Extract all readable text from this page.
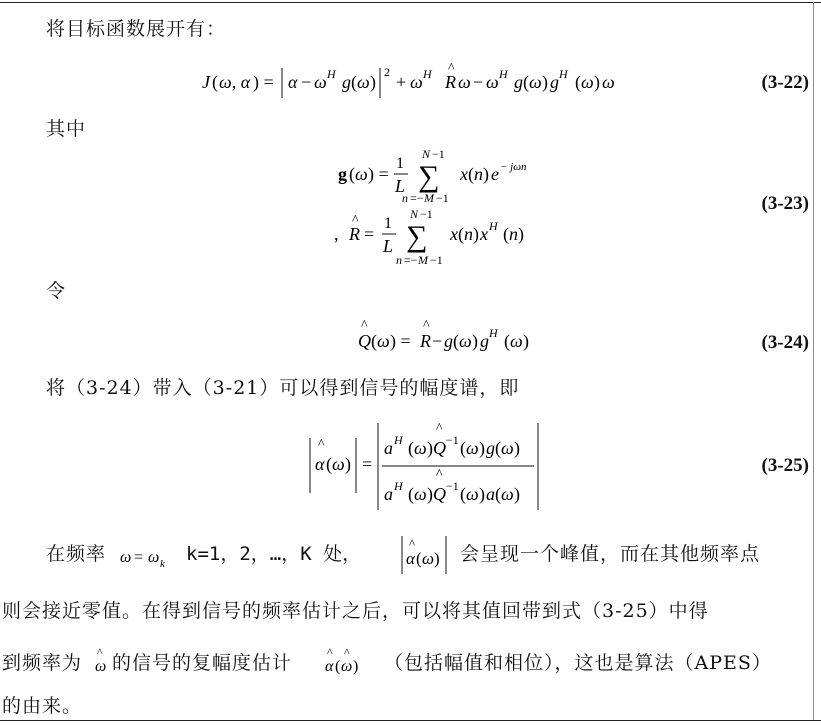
将目标函数展开有：
J ( ω, α ) = α − ω H g ( ω ) 2 + ω H ^
R ω − ω H g ( ω ) g H ( ω ) ω	(3-22)
其中
g ( ω ) =
1
L
N −1
∑
n =− M −1
x ( n ) e − jωn
,
^
R =
1
L
N −1
∑
n =− M −1
x ( n ) x H ( n )
(3-23)
令
^
Q ( ω ) =
^
R − g ( ω ) g H ( ω )	(3-24)
将（3-24）带入（3-21）可以得到信号的幅度谱，即
^
α ( ω ) =
a H ( ω )
^
Q −1 ( ω ) g ( ω )
a H ( ω )
^
Q −1 ( ω ) a ( ω )
(3-25)
在频率 ω = ω k k=1，2，…，K 处，	^
α ( ω ) 会呈现一个峰值，而在其他频率点
则会接近零值。在得到信号的频率估计之后，可以将其值回带到式（3-25）中得
到频率为 ^
ω 的信号的复幅度估计	^
α (
^
ω ) （包括幅值和相位），这也是算法（APES）
的由来。
